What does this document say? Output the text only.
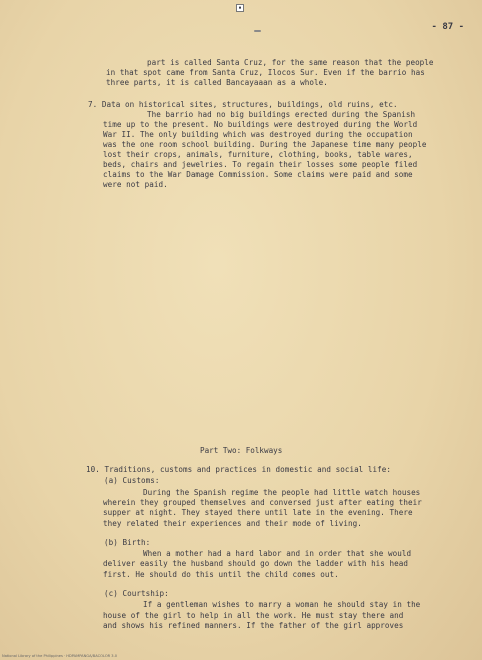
▪
- 87 -
part is called Santa Cruz, for the same reason that the people
in that spot came from Santa Cruz, Ilocos Sur. Even if the barrio has
three parts, it is called Bancayaaan as a whole.
7. Data on historical sites, structures, buildings, old ruins, etc.
The barrio had no big buildings erected during the Spanish
time up to the present. No buildings were destroyed during the World
War II. The only building which was destroyed during the occupation
was the one room school building. During the Japanese time many people
lost their crops, animals, furniture, clothing, books, table wares,
beds, chairs and jewelries. To regain their losses some people filed
claims to the War Damage Commission. Some claims were paid and some
were not paid.
Part Two: Folkways
10. Traditions, customs and practices in domestic and social life:
(a) Customs:
During the Spanish regime the people had little watch houses
wherein they grouped themselves and conversed just after eating their
supper at night. They stayed there until late in the evening. There
they related their experiences and their mode of living.
(b) Birth:
When a mother had a hard labor and in order that she would
deliver easily the husband should go down the ladder with his head
first. He should do this until the child comes out.
(c) Courtship:
If a gentleman wishes to marry a woman he should stay in the
house of the girl to help in all the work. He must stay there and
and shows his refined manners. If the father of the girl approves
National Library of the Philippines · HDPAMPANGA/BACOLOR 3.0
